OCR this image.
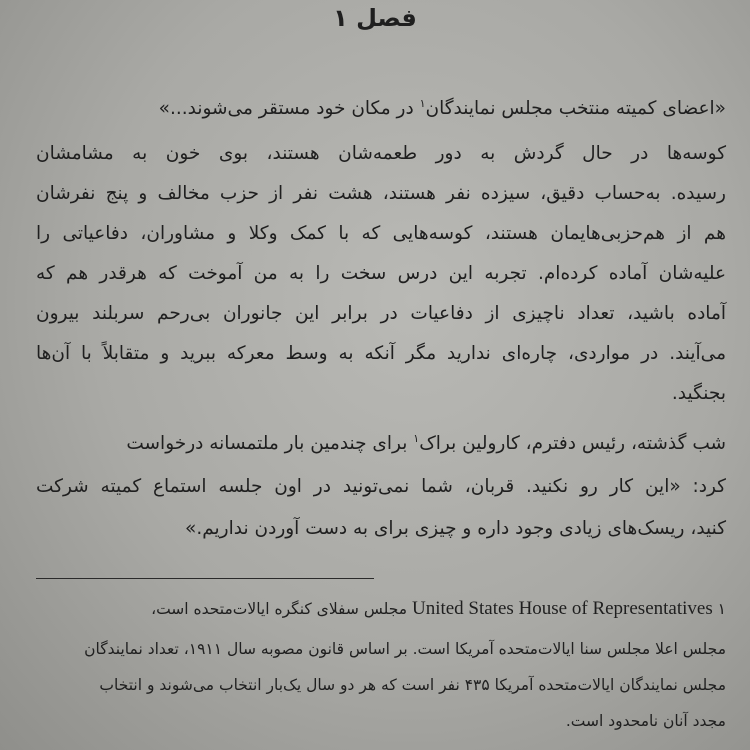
فصل ۱
«اعضای کمیته منتخب مجلس نمایندگان$^۱$ در مکان خود مستقر می‌شوند...»
کوسه‌ها در حال گردش به دور طعمه‌شان هستند، بوی خون به مشامشان
رسیده. به‌حساب دقیق، سیزده نفر هستند، هشت نفر از حزب مخالف و پنج نفرشان
هم از هم‌حزبی‌هایمان هستند، کوسه‌هایی که با کمک وکلا و مشاوران، دفاعیاتی را
علیه‌شان آماده کرده‌ام. تجربه این درس سخت را به من آموخت که هرقدر هم که
آماده باشید، تعداد ناچیزی از دفاعیات در برابر این جانوران بی‌رحم سربلند بیرون
می‌آیند. در مواردی، چاره‌ای ندارید مگر آنکه به وسط معرکه ببرید و متقابلاً با آن‌ها
بجنگید.
شب گذشته، رئیس دفترم، کارولین براک$^۱$ برای چندمین بار ملتمسانه درخواست
کرد: «این کار رو نکنید. قربان، شما نمی‌تونید در اون جلسه استماع کمیته شرکت
کنید، ریسک‌های زیادی وجود داره و چیزی برای به دست آوردن نداریم.»
۱ United States House of Representatives مجلس سفلای کنگره ایالات‌متحده است،
مجلس اعلا مجلس سنا ایالات‌متحده آمریکا است. بر اساس قانون مصوبه سال ۱۹۱۱، تعداد نمایندگان
مجلس نمایندگان ایالات‌متحده آمریکا ۴۳۵ نفر است که هر دو سال یک‌بار انتخاب می‌شوند و انتخاب
مجدد آنان نامحدود است.
